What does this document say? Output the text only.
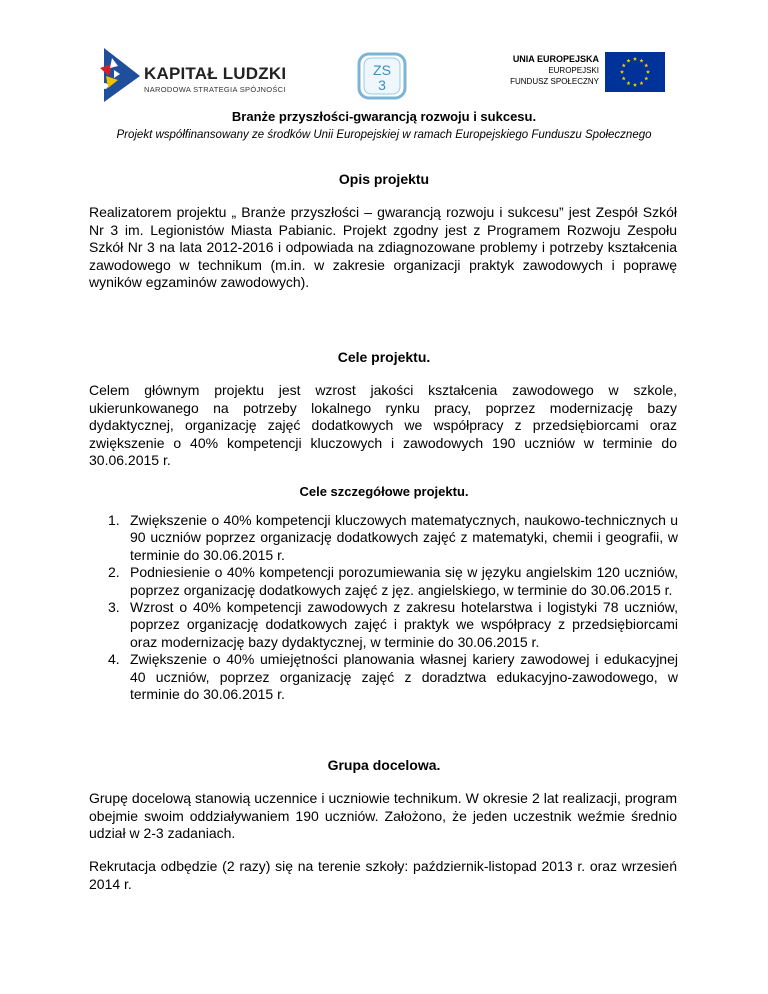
KAPITAŁ LUDZKI
NARODOWA STRATEGIA SPÓJNOŚCI
ZS
3
UNIA EUROPEJSKA
EUROPEJSKI
FUNDUSZ SPOŁECZNY
Branże przyszłości-gwarancją rozwoju i sukcesu.
Projekt współfinansowany ze środków Unii Europejskiej w ramach Europejskiego Funduszu Społecznego
Opis projektu
Realizatorem projektu „ Branże przyszłości – gwarancją rozwoju i sukcesu” jest Zespół Szkół Nr 3 im. Legionistów Miasta Pabianic. Projekt zgodny jest z Programem Rozwoju Zespołu Szkół Nr 3 na lata 2012-2016 i odpowiada na zdiagnozowane problemy i potrzeby kształcenia zawodowego w technikum (m.in. w zakresie organizacji praktyk zawodowych i poprawę wyników egzaminów zawodowych).
Cele projektu.
Celem głównym projektu jest wzrost jakości kształcenia zawodowego w szkole, ukierunkowanego na potrzeby lokalnego rynku pracy, poprzez modernizację bazy dydaktycznej, organizację zajęć dodatkowych we współpracy z przedsiębiorcami oraz zwiększenie o 40% kompetencji kluczowych i zawodowych 190 uczniów w terminie do 30.06.2015 r.
Cele szczegółowe projektu.
1. Zwiększenie o 40% kompetencji kluczowych matematycznych, naukowo-technicznych u 90 uczniów poprzez organizację dodatkowych zajęć z matematyki, chemii i geografii, w terminie do 30.06.2015 r.
2. Podniesienie o 40% kompetencji porozumiewania się w języku angielskim 120 uczniów, poprzez organizację dodatkowych zajęć z jęz. angielskiego, w terminie do 30.06.2015 r.
3. Wzrost o 40% kompetencji zawodowych z zakresu hotelarstwa i logistyki 78 uczniów, poprzez organizację dodatkowych zajęć i praktyk we współpracy z przedsiębiorcami oraz modernizację bazy dydaktycznej, w terminie do 30.06.2015 r.
4. Zwiększenie o 40% umiejętności planowania własnej kariery zawodowej i edukacyjnej 40 uczniów, poprzez organizację zajęć z doradztwa edukacyjno-zawodowego, w terminie do 30.06.2015 r.
Grupa docelowa.
Grupę docelową stanowią uczennice i uczniowie technikum. W okresie 2 lat realizacji, program obejmie swoim oddziaływaniem 190 uczniów. Założono, że jeden uczestnik weźmie średnio udział w 2-3 zadaniach.
Rekrutacja odbędzie (2 razy) się na terenie szkoły: październik-listopad 2013 r. oraz wrzesień 2014 r.
